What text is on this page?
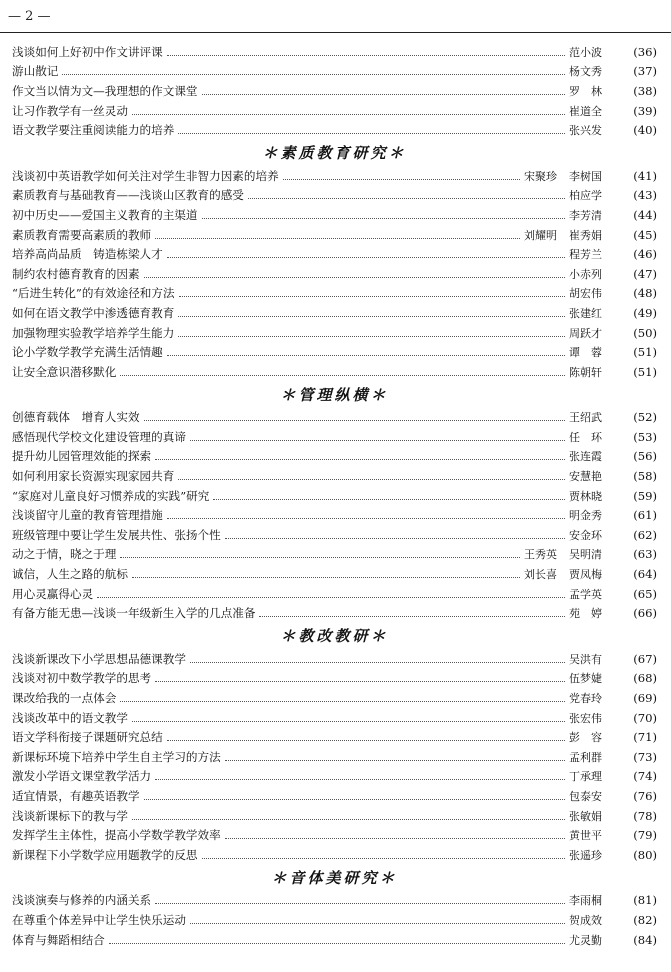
— 2 —
浅谈如何上好初中作文讲评课	范小波	(36)
游山散记	杨文秀	(37)
作文当以情为文—我理想的作文课堂	罗　林	(38)
让习作教学有一丝灵动	崔道全	(39)
语文教学要注重阅读能力的培养	张兴发	(40)
＊素质教育研究＊
浅谈初中英语教学如何关注对学生非智力因素的培养	宋聚珍 李树国	(41)
素质教育与基础教育——浅谈山区教育的感受	柏应学	(43)
初中历史——爱国主义教育的主渠道	李芳清	(44)
素质教育需要高素质的教师	刘耀明 崔秀娟	(45)
培养高尚品质　铸造栋梁人才	程芳兰	(46)
制约农村德育教育的因素	小赤列	(47)
“后进生转化”的有效途径和方法	胡宏伟	(48)
如何在语文教学中渗透德育教育	张建红	(49)
加强物理实验教学培养学生能力	周跃才	(50)
论小学数学教学充满生活情趣	谭　蓉	(51)
让安全意识潜移默化	陈朝轩	(51)
＊管理纵横＊
创德育载体　增育人实效	王绍武	(52)
感悟现代学校文化建设管理的真谛	任　环	(53)
提升幼儿园管理效能的探索	张连霞	(56)
如何利用家长资源实现家园共育	安慧艳	(58)
“家庭对儿童良好习惯养成的实践”研究	贾林晓	(59)
浅谈留守儿童的教育管理措施	明金秀	(61)
班级管理中要让学生发展共性、张扬个性	安金环	(62)
动之于情，晓之于理	王秀英 吴明清	(63)
诚信，人生之路的航标	刘长喜 贾凤梅	(64)
用心灵赢得心灵	孟学英	(65)
有备方能无患—浅谈一年级新生入学的几点准备	苑　婷	(66)
＊教改教研＊
浅谈新课改下小学思想品德课教学	吴洪有	(67)
浅谈对初中数学教学的思考	伍梦婕	(68)
课改给我的一点体会	党春玲	(69)
浅谈改革中的语文教学	张宏伟	(70)
语文学科衔接子课题研究总结	彭　容	(71)
新课标环境下培养中学生自主学习的方法	孟利群	(73)
激发小学语文课堂教学活力	丁承理	(74)
适宜情景，有趣英语教学	包泰安	(76)
浅谈新课标下的教与学	张敏娟	(78)
发挥学生主体性，提高小学数学教学效率	黄世平	(79)
新课程下小学数学应用题教学的反思	张遥珍	(80)
＊音体美研究＊
浅谈演奏与修养的内涵关系	李雨桐	(81)
在尊重个体差异中让学生快乐运动	贺成效	(82)
体育与舞蹈相结合	尤灵勤	(84)
